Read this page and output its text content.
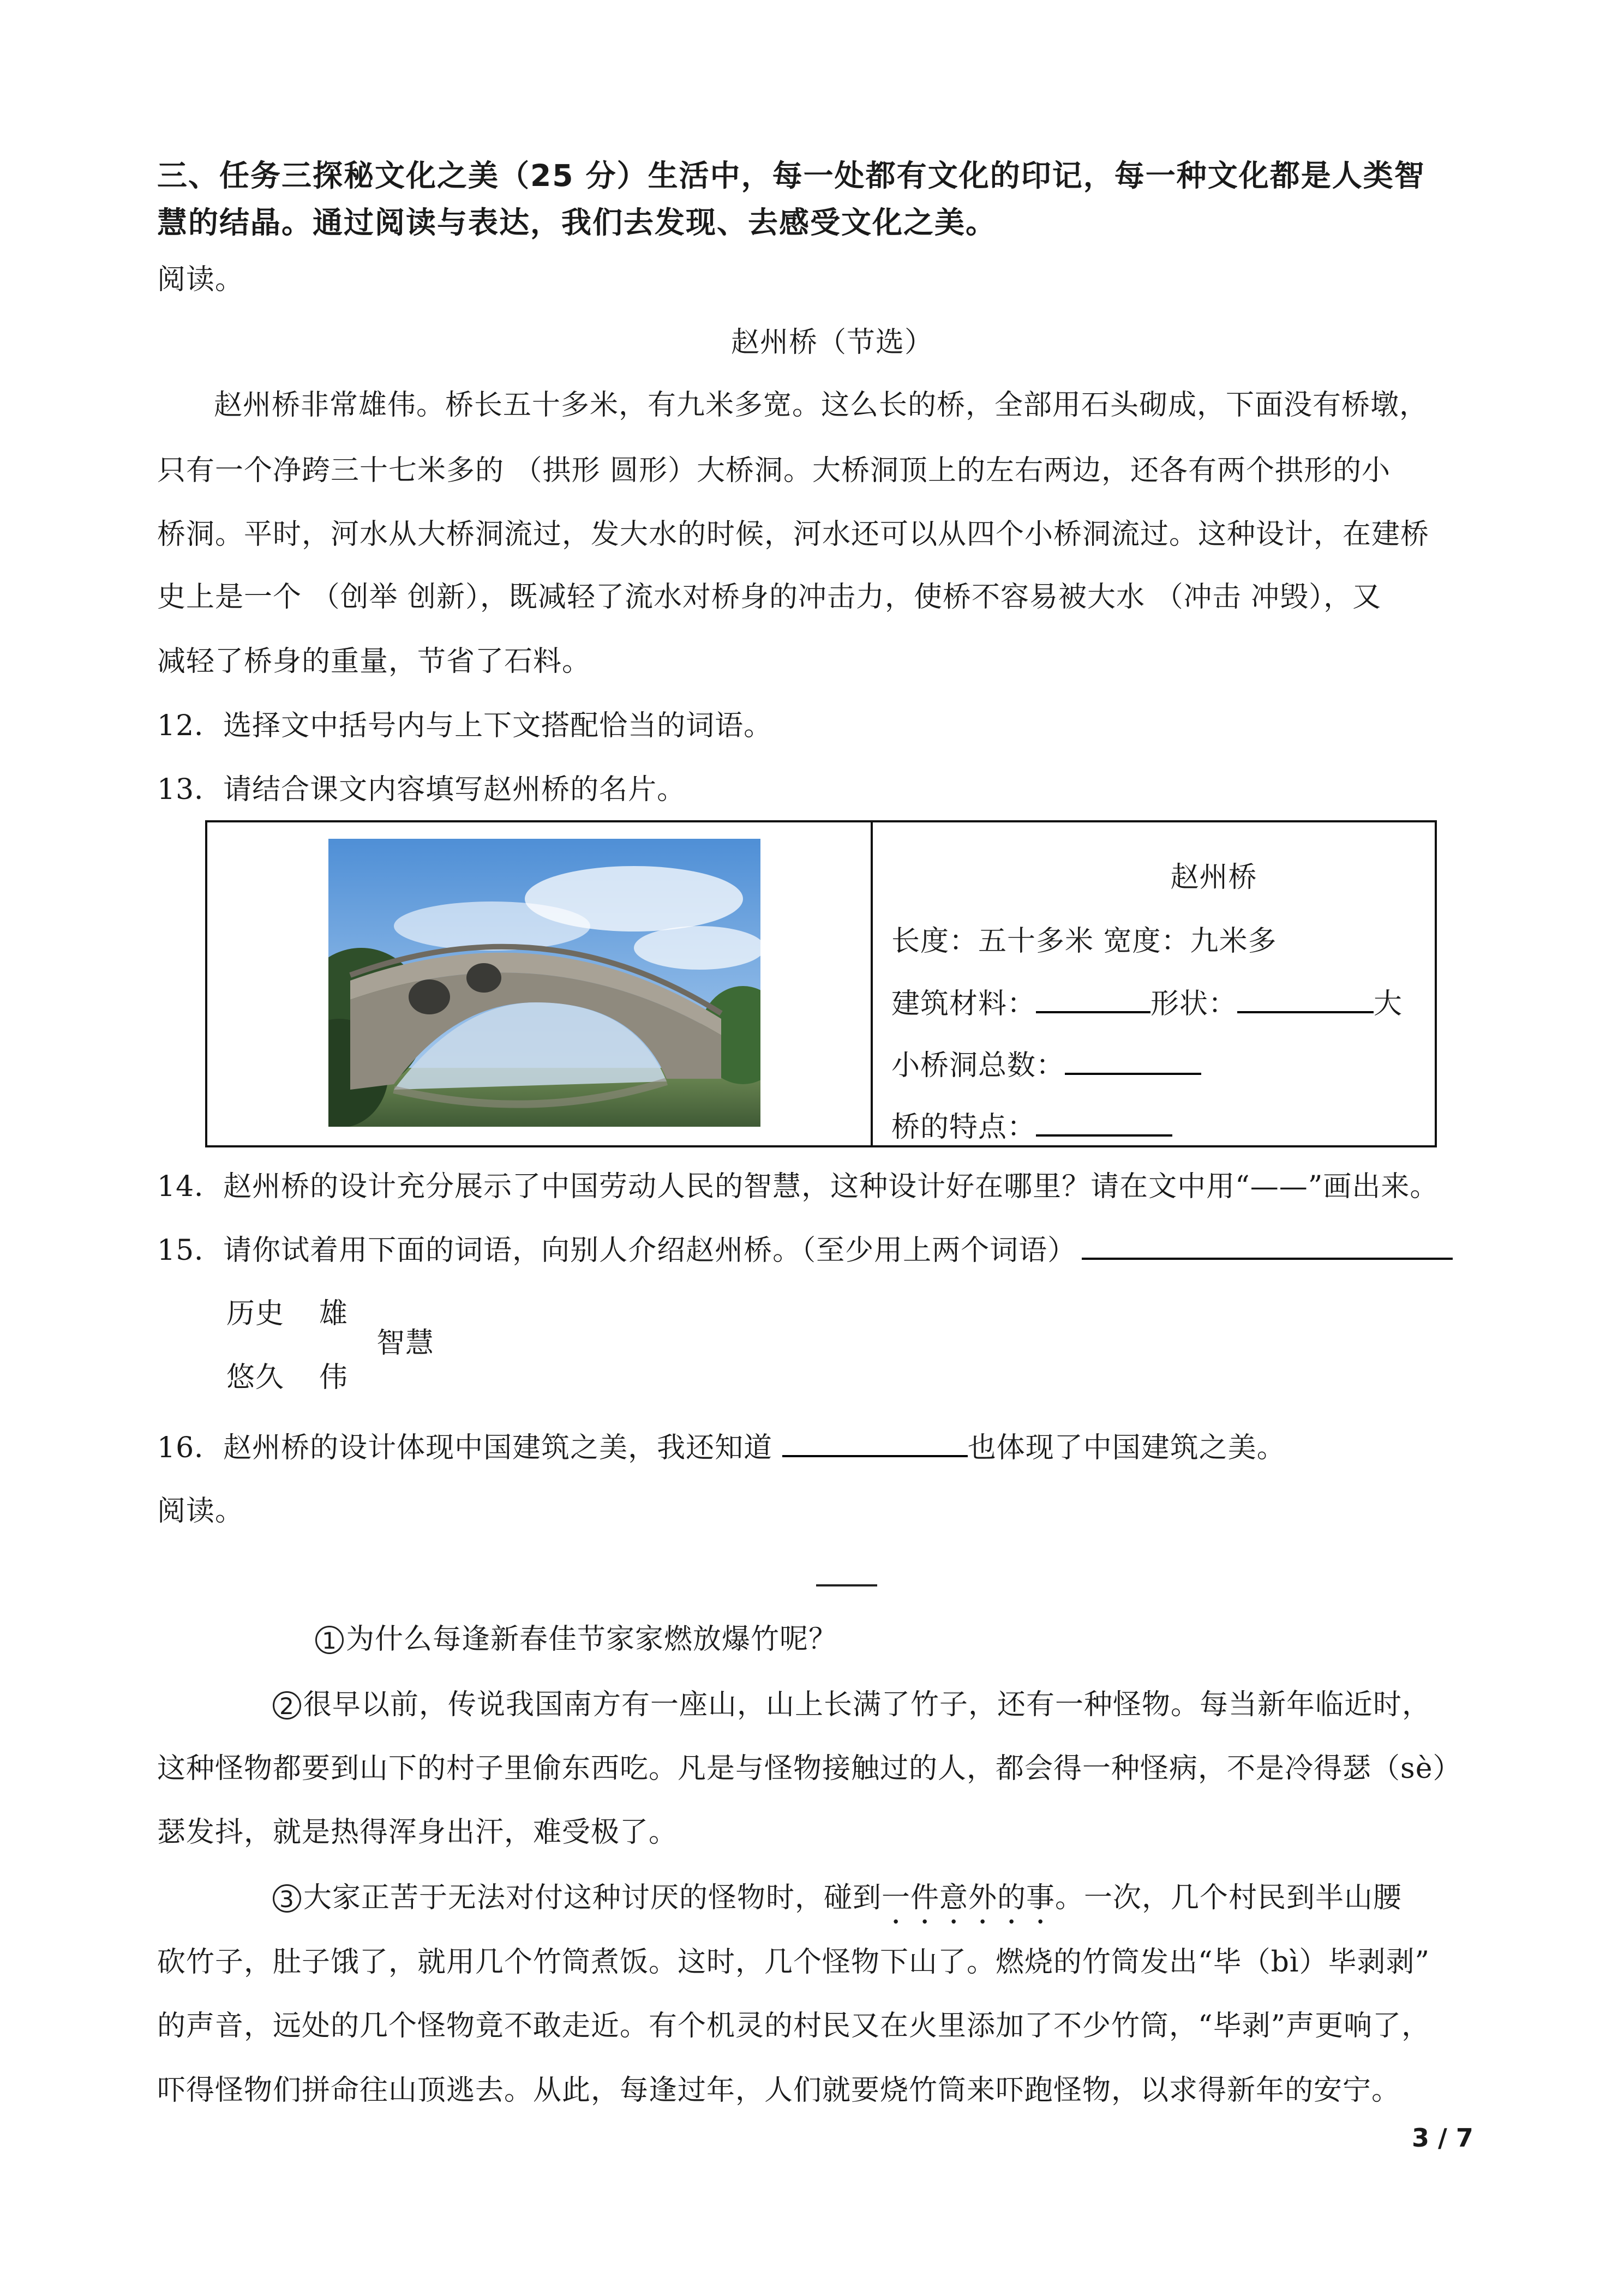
三、任务三探秘文化之美（25 分）生活中，每一处都有文化的印记，每一种文化都是人类智
慧的结晶。通过阅读与表达，我们去发现、去感受文化之美。
阅读。
赵州桥（节选）
赵州桥非常雄伟。桥长五十多米，有九米多宽。这么长的桥，全部用石头砌成，下面没有桥墩，
只有一个净跨三十七米多的 （拱形 圆形）大桥洞。大桥洞顶上的左右两边，还各有两个拱形的小
桥洞。平时，河水从大桥洞流过，发大水的时候，河水还可以从四个小桥洞流过。这种设计，在建桥
史上是一个 （创举 创新），既减轻了流水对桥身的冲击力，使桥不容易被大水 （冲击 冲毁），又
减轻了桥身的重量，节省了石料。
12．选择文中括号内与上下文搭配恰当的词语。
13．请结合课文内容填写赵州桥的名片。
赵州桥
长度：五十多米 宽度：九米多
建筑材料：	形状：	大
小桥洞总数：
桥的特点：
14．赵州桥的设计充分展示了中国劳动人民的智慧，这种设计好在哪里？请在文中用“——”画出来。
15．请你试着用下面的词语，向别人介绍赵州桥。（至少用上两个词语）
历史 雄
智慧
悠久 伟
16．赵州桥的设计体现中国建筑之美，我还知道	也体现了中国建筑之美。
阅读。
1 为什么每逢新春佳节家家燃放爆竹呢？
2 很早以前，传说我国南方有一座山，山上长满了竹子，还有一种怪物。每当新年临近时，
这种怪物都要到山下的村子里偷东西吃。凡是与怪物接触过的人，都会得一种怪病，不是冷得瑟（sè）
瑟发抖，就是热得浑身出汗，难受极了。
3 大家正苦于无法对付这种讨厌的怪物时，碰到一件意外的事。一次，几个村民到半山腰
砍竹子，肚子饿了，就用几个竹筒煮饭。这时，几个怪物下山了。燃烧的竹筒发出“毕（bì）毕剥剥”
的声音，远处的几个怪物竟不敢走近。有个机灵的村民又在火里添加了不少竹筒，“毕剥”声更响了，
吓得怪物们拼命往山顶逃去。从此，每逢过年，人们就要烧竹筒来吓跑怪物，以求得新年的安宁。
3 / 7
